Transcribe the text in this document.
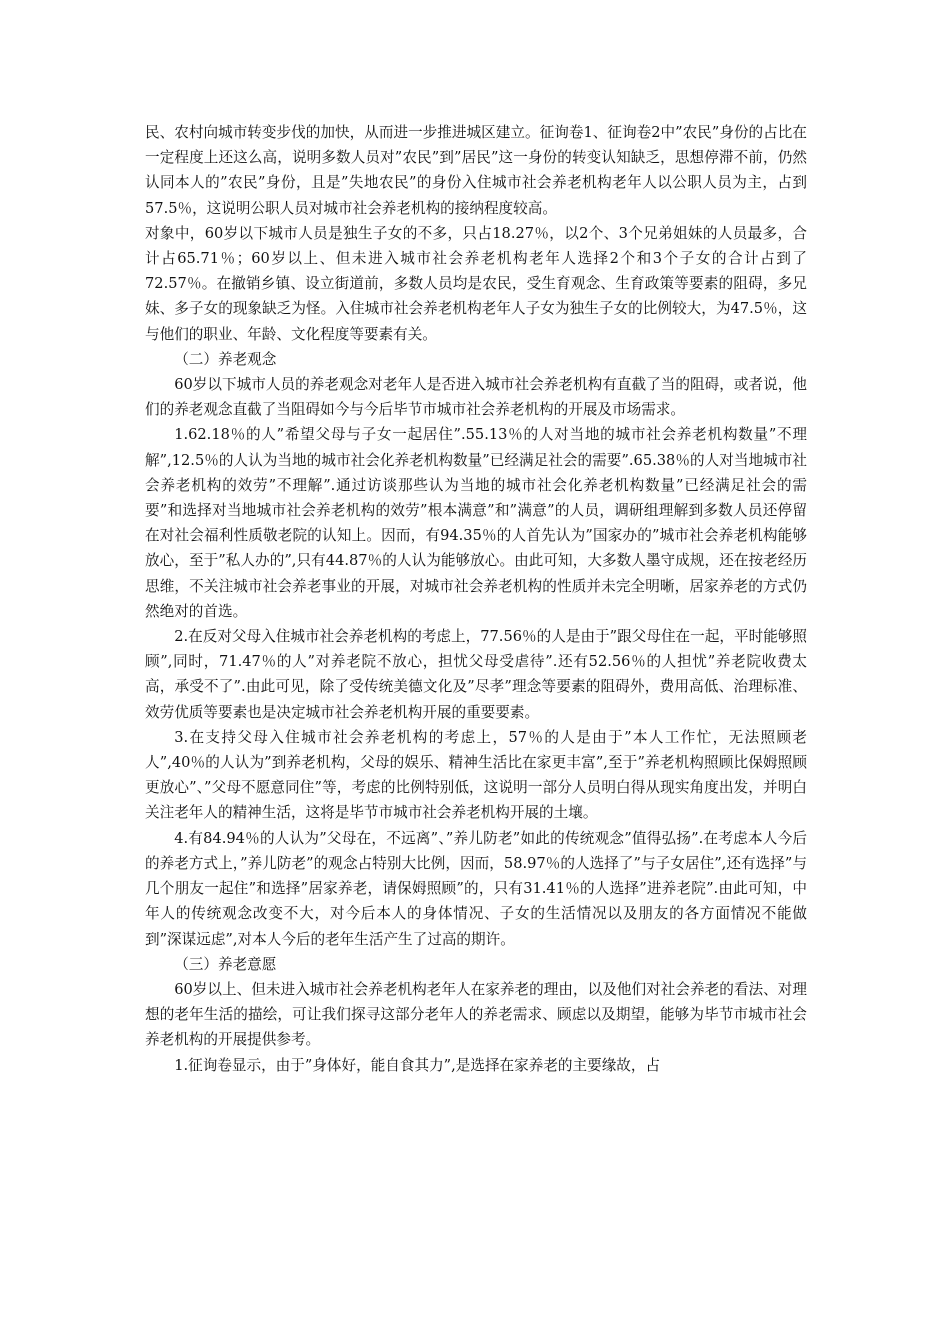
民、农村向城市转变步伐的加快，从而进一步推进城区建立。征询卷1、征询卷2中”农民”身份的占比在一定程度上还这么高，说明多数人员对”农民”到”居民”这一身份的转变认知缺乏，思想停滞不前，仍然认同本人的”农民”身份，且是”失地农民”的身份入住城市社会养老机构老年人以公职人员为主，占到57.5％，这说明公职人员对城市社会养老机构的接纳程度较高。

对象中，60岁以下城市人员是独生子女的不多，只占18.27％，以2个、3个兄弟姐妹的人员最多，合计占65.71％；60岁以上、但未进入城市社会养老机构老年人选择2个和3个子女的合计占到了72.57％。在撤销乡镇、设立街道前，多数人员均是农民，受生育观念、生育政策等要素的阻碍，多兄妹、多子女的现象缺乏为怪。入住城市社会养老机构老年人子女为独生子女的比例较大，为47.5％，这与他们的职业、年龄、文化程度等要素有关。

（二）养老观念

60岁以下城市人员的养老观念对老年人是否进入城市社会养老机构有直截了当的阻碍，或者说，他们的养老观念直截了当阻碍如今与今后毕节市城市社会养老机构的开展及市场需求。

1.62.18％的人”希望父母与子女一起居住”.55.13％的人对当地的城市社会养老机构数量”不理解”,12.5％的人认为当地的城市社会化养老机构数量”已经满足社会的需要”.65.38％的人对当地城市社会养老机构的效劳”不理解”.通过访谈那些认为当地的城市社会化养老机构数量”已经满足社会的需要”和选择对当地城市社会养老机构的效劳”根本满意”和”满意”的人员，调研组理解到多数人员还停留在对社会福利性质敬老院的认知上。因而，有94.35％的人首先认为”国家办的”城市社会养老机构能够放心，至于”私人办的”,只有44.87％的人认为能够放心。由此可知，大多数人墨守成规，还在按老经历思维，不关注城市社会养老事业的开展，对城市社会养老机构的性质并未完全明晰，居家养老的方式仍然绝对的首选。

2.在反对父母入住城市社会养老机构的考虑上，77.56％的人是由于”跟父母住在一起，平时能够照顾”,同时，71.47％的人”对养老院不放心，担忧父母受虐待”.还有52.56％的人担忧”养老院收费太高，承受不了”.由此可见，除了受传统美德文化及”尽孝”理念等要素的阻碍外，费用高低、治理标准、效劳优质等要素也是决定城市社会养老机构开展的重要要素。

3.在支持父母入住城市社会养老机构的考虑上，57％的人是由于”本人工作忙，无法照顾老人”,40％的人认为”到养老机构，父母的娱乐、精神生活比在家更丰富”,至于”养老机构照顾比保姆照顾更放心”、”父母不愿意同住”等，考虑的比例特别低，这说明一部分人员明白得从现实角度出发，并明白关注老年人的精神生活，这将是毕节市城市社会养老机构开展的土壤。

4.有84.94％的人认为”父母在，不远离”、”养儿防老”如此的传统观念”值得弘扬”.在考虑本人今后的养老方式上，”养儿防老”的观念占特别大比例，因而，58.97％的人选择了”与子女居住”,还有选择”与几个朋友一起住”和选择”居家养老，请保姆照顾”的，只有31.41％的人选择”进养老院”.由此可知，中年人的传统观念改变不大，对今后本人的身体情况、子女的生活情况以及朋友的各方面情况不能做到”深谋远虑”,对本人今后的老年生活产生了过高的期许。

（三）养老意愿

60岁以上、但未进入城市社会养老机构老年人在家养老的理由，以及他们对社会养老的看法、对理想的老年生活的描绘，可让我们探寻这部分老年人的养老需求、顾虑以及期望，能够为毕节市城市社会养老机构的开展提供参考。

1.征询卷显示，由于”身体好，能自食其力”,是选择在家养老的主要缘故，占
